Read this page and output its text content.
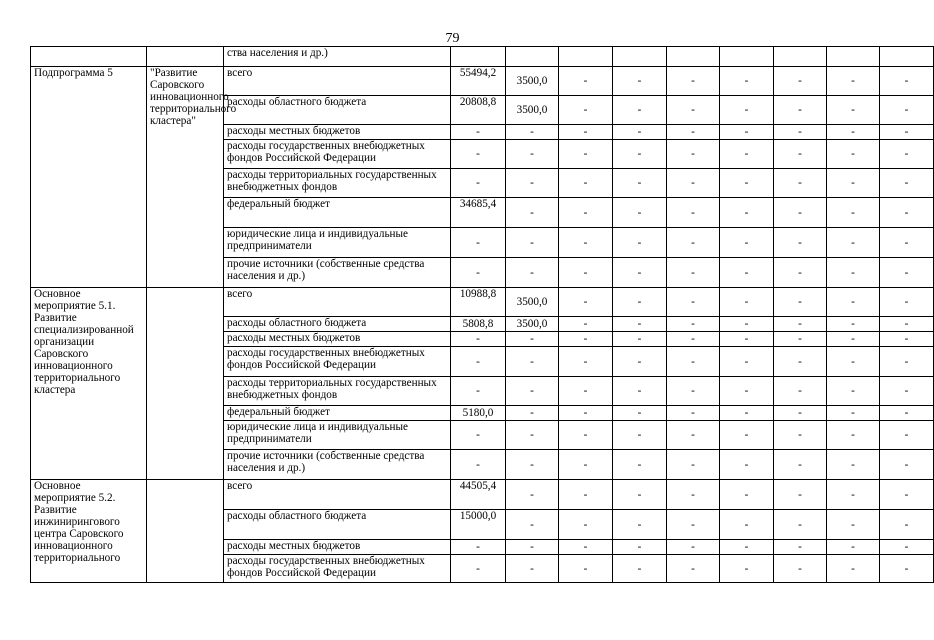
79
		ства населения и др.)									
Подпрограмма 5	"Развитие Саровского инновационного территориального кластера"	всего	55494,2	3500,0	-	-	-	-	-	-	-
		расходы областного бюджета	20808,8	3500,0	-	-	-	-	-	-	-
		расходы местных бюджетов	-	-	-	-	-	-	-	-	-
		расходы государственных внебюджетных фондов Российской Федерации	-	-	-	-	-	-	-	-	-
		расходы территориальных государственных внебюджетных фондов	-	-	-	-	-	-	-	-	-
		федеральный бюджет	34685,4	-	-	-	-	-	-	-	-
		юридические лица и индивидуальные предприниматели	-	-	-	-	-	-	-	-	-
		прочие источники (собственные средства населения и др.)	-	-	-	-	-	-	-	-	-
Основное мероприятие 5.1. Развитие специализированной организации Саровского инновационного территориального кластера		всего	10988,8	3500,0	-	-	-	-	-	-	-
		расходы областного бюджета	5808,8	3500,0	-	-	-	-	-	-	-
		расходы местных бюджетов	-	-	-	-	-	-	-	-	-
		расходы государственных внебюджетных фондов Российской Федерации	-	-	-	-	-	-	-	-	-
		расходы территориальных государственных внебюджетных фондов	-	-	-	-	-	-	-	-	-
		федеральный бюджет	5180,0	-	-	-	-	-	-	-	-
		юридические лица и индивидуальные предприниматели	-	-	-	-	-	-	-	-	-
		прочие источники (собственные средства населения и др.)	-	-	-	-	-	-	-	-	-
Основное мероприятие 5.2. Развитие инжинирингового центра Саровского инновационного территориального		всего	44505,4	-	-	-	-	-	-	-	-
		расходы областного бюджета	15000,0	-	-	-	-	-	-	-	-
		расходы местных бюджетов	-	-	-	-	-	-	-	-	-
		расходы государственных внебюджетных фондов Российской Федерации	-	-	-	-	-	-	-	-	-
